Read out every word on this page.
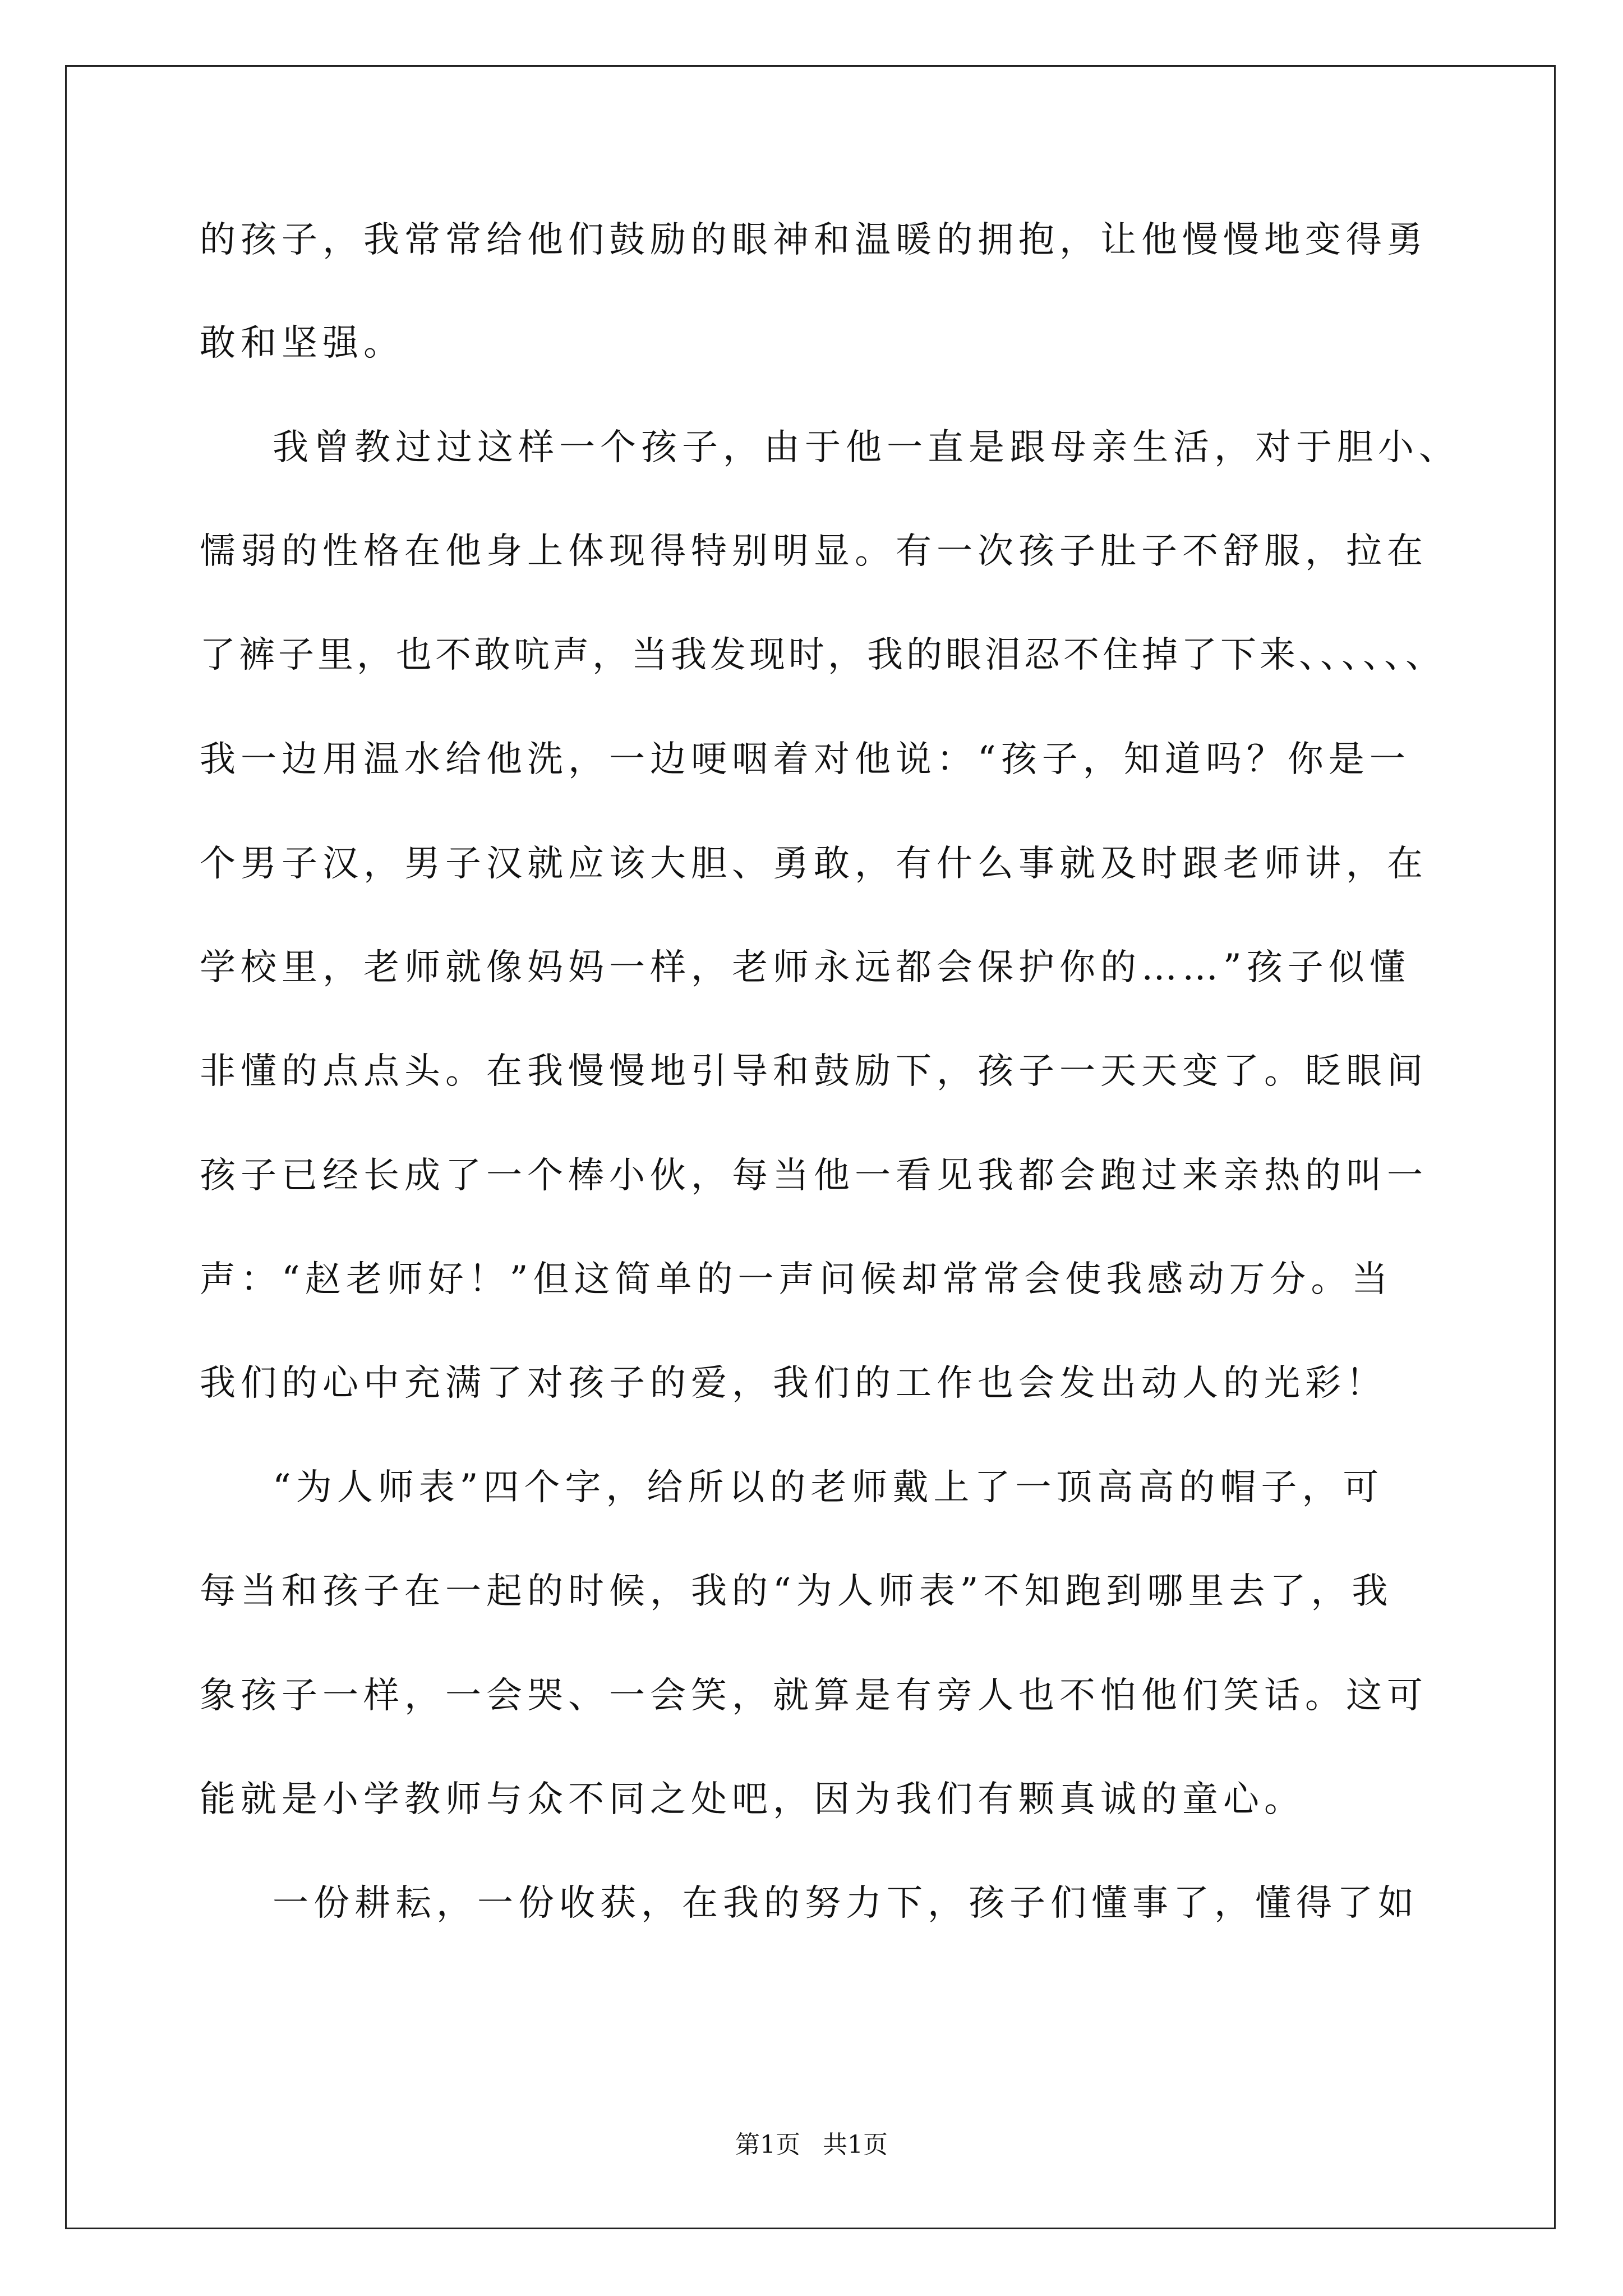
的孩子，我常常给他们鼓励的眼神和温暖的拥抱，让他慢慢地变得勇
敢和坚强。
我曾教过过这样一个孩子，由于他一直是跟母亲生活，对于胆小、
懦弱的性格在他身上体现得特别明显。有一次孩子肚子不舒服，拉在
了裤子里，也不敢吭声，当我发现时，我的眼泪忍不住掉了下来、、、、、、
我一边用温水给他洗，一边哽咽着对他说：“孩子，知道吗？你是一
个男子汉，男子汉就应该大胆、勇敢，有什么事就及时跟老师讲，在
学校里，老师就像妈妈一样，老师永远都会保护你的……”孩子似懂
非懂的点点头。在我慢慢地引导和鼓励下，孩子一天天变了。眨眼间
孩子已经长成了一个棒小伙，每当他一看见我都会跑过来亲热的叫一
声：“赵老师好！”但这简单的一声问候却常常会使我感动万分。当
我们的心中充满了对孩子的爱，我们的工作也会发出动人的光彩！
“为人师表”四个字，给所以的老师戴上了一顶高高的帽子，可
每当和孩子在一起的时候，我的“为人师表”不知跑到哪里去了，我
象孩子一样，一会哭、一会笑，就算是有旁人也不怕他们笑话。这可
能就是小学教师与众不同之处吧，因为我们有颗真诚的童心。
一份耕耘，一份收获，在我的努力下，孩子们懂事了，懂得了如
第1页 共1页
